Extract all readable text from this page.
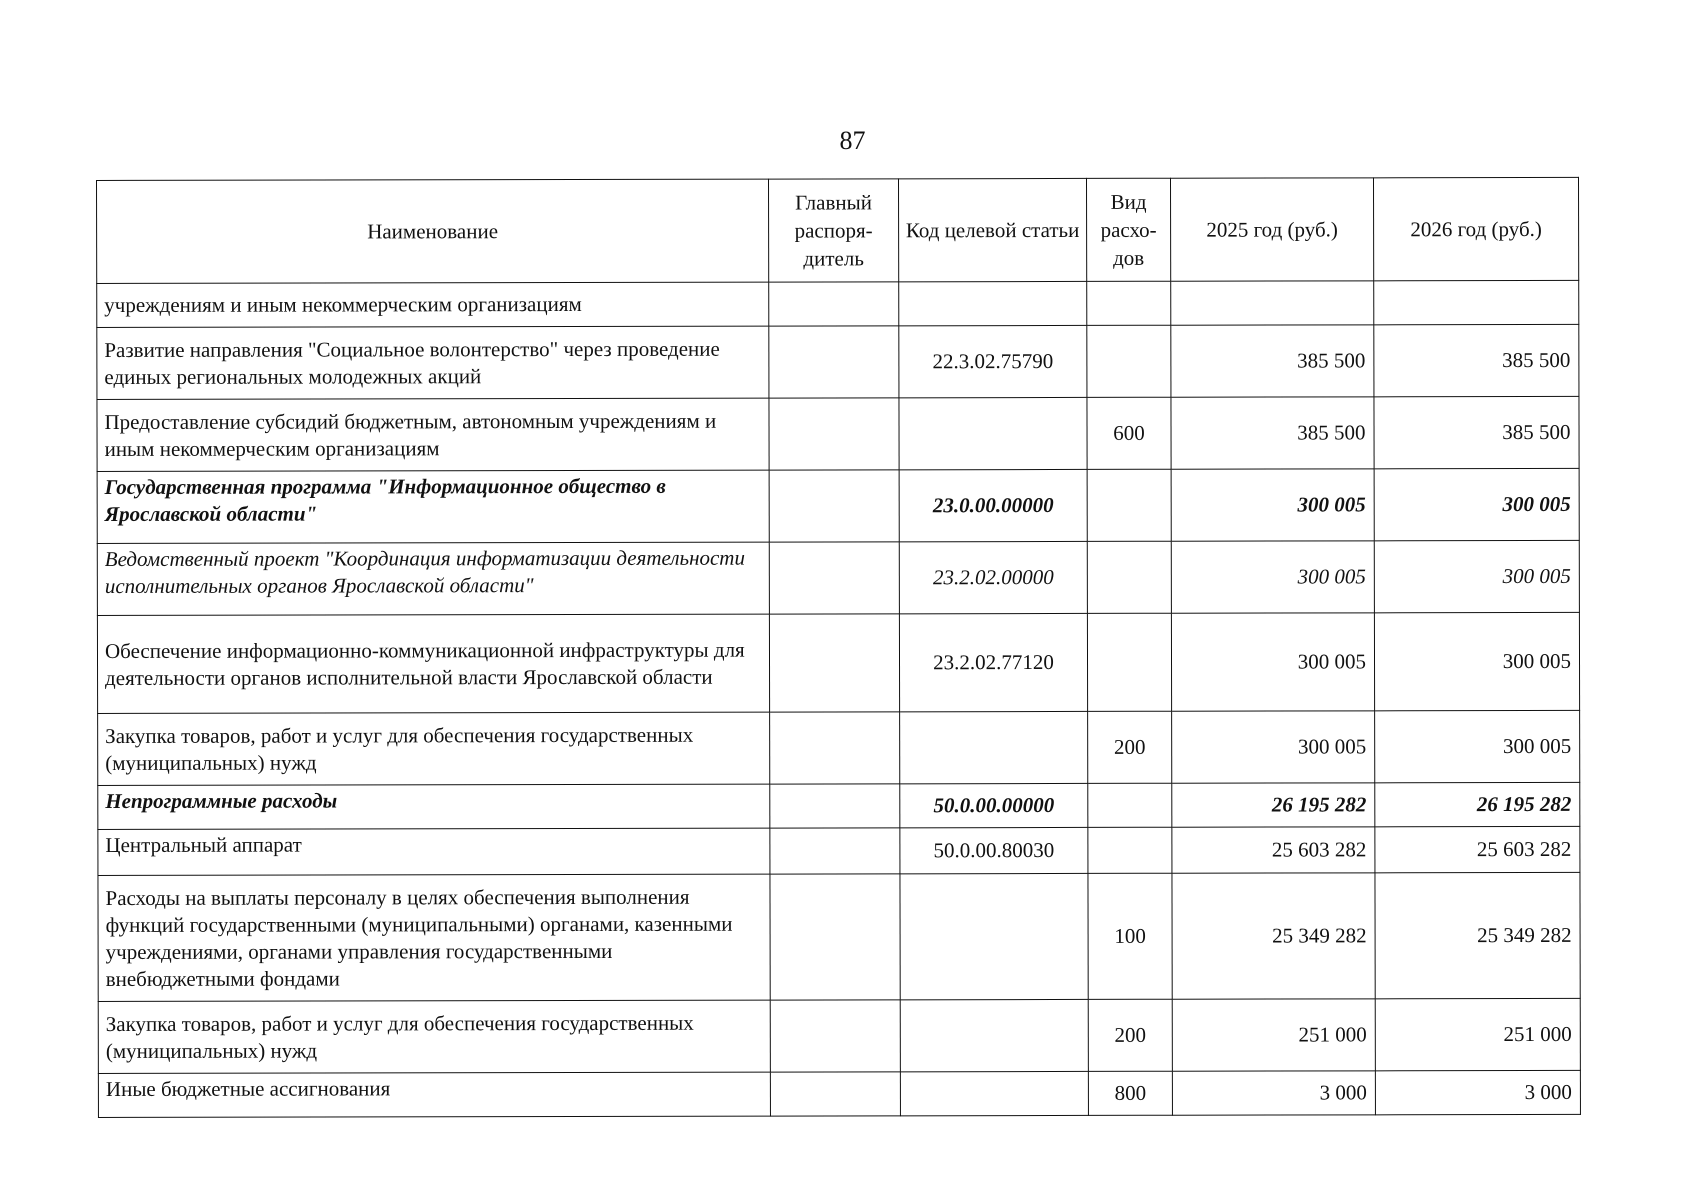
87
Наименование	Главный распоря-дитель	Код целевой статьи	Вид расхо-дов	2025 год (руб.)	2026 год (руб.)
учреждениям и иным некоммерческим организациям					
Развитие направления "Социальное волонтерство" через проведение единых региональных молодежных акций		22.3.02.75790		385 500	385 500
Предоставление субсидий бюджетным, автономным учреждениям и иным некоммерческим организациям			600	385 500	385 500
Государственная программа "Информационное общество в Ярославской области"		23.0.00.00000		300 005	300 005
Ведомственный проект "Координация информатизации деятельности исполнительных органов Ярославской области"		23.2.02.00000		300 005	300 005
Обеспечение информационно-коммуникационной инфраструктуры для деятельности органов исполнительной власти Ярославской области		23.2.02.77120		300 005	300 005
Закупка товаров, работ и услуг для обеспечения государственных (муниципальных) нужд			200	300 005	300 005
Непрограммные расходы		50.0.00.00000		26 195 282	26 195 282
Центральный аппарат		50.0.00.80030		25 603 282	25 603 282
Расходы на выплаты персоналу в целях обеспечения выполнения функций государственными (муниципальными) органами, казенными учреждениями, органами управления государственными внебюджетными фондами			100	25 349 282	25 349 282
Закупка товаров, работ и услуг для обеспечения государственных (муниципальных) нужд			200	251 000	251 000
Иные бюджетные ассигнования			800	3 000	3 000
